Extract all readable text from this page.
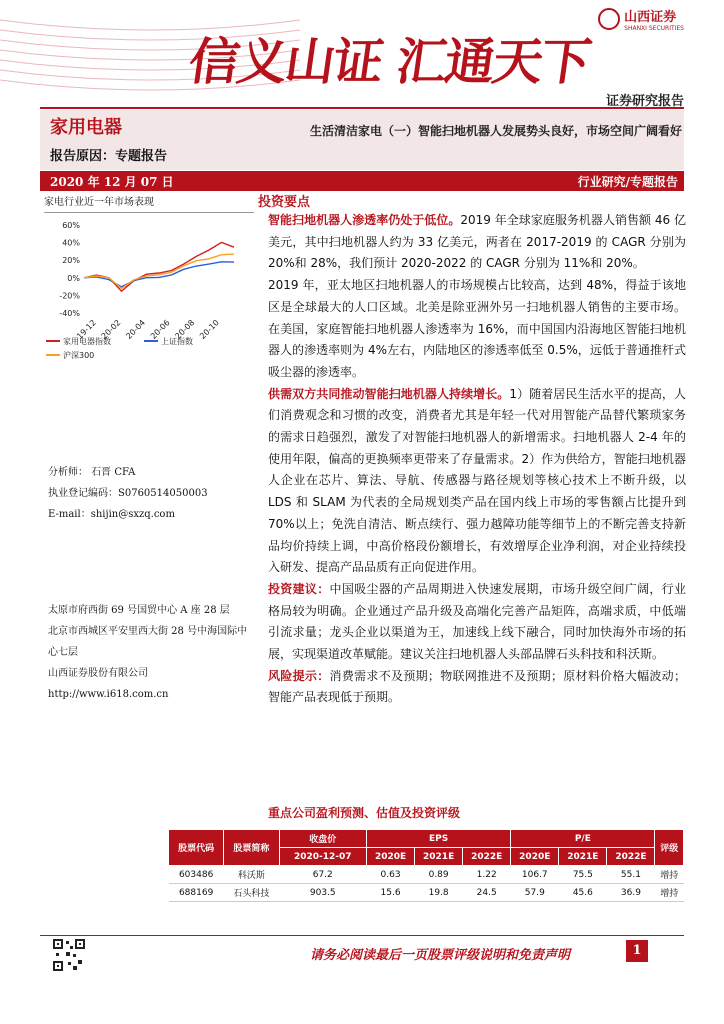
信义山证 汇通天下
山西证券
SHANXI SECURITIES
证券研究报告
家用电器
报告原因：专题报告
生活清洁家电（一）智能扫地机器人发展势头良好，市场空间广阔看好
2020 年 12 月 07 日	行业研究/专题报告
家电行业近一年市场表现
60%
40%
20%
0%
-20%
-40%
19-12 20-02 20-04 20-06 20-08 20-10
家用电器指数	上证指数
沪深300
分析师： 石晋 CFA
执业登记编码：S0760514050003
E-mail：shijin@sxzq.com
太原市府西街 69 号国贸中心 A 座 28 层
北京市西城区平安里西大街 28 号中海国际中心七层
山西证券股份有限公司
http://www.i618.com.cn
投资要点

智能扫地机器人渗透率仍处于低位。2019 年全球家庭服务机器人销售额 46 亿美元，其中扫地机器人约为 33 亿美元，两者在 2017-2019 的 CAGR 分别为 20%和 28%，我们预计 2020-2022 的 CAGR 分别为 11%和 20%。

2019 年，亚太地区扫地机器人的市场规模占比较高，达到 48%，得益于该地区是全球最大的人口区域。北美是除亚洲外另一扫地机器人销售的主要市场。在美国，家庭智能扫地机器人渗透率为 16%，而中国国内沿海地区智能扫地机器人的渗透率则为 4%左右，内陆地区的渗透率低至 0.5%，远低于普通推杆式吸尘器的渗透率。

供需双方共同推动智能扫地机器人持续增长。1）随着居民生活水平的提高，人们消费观念和习惯的改变，消费者尤其是年轻一代对用智能产品替代繁琐家务的需求日趋强烈，激发了对智能扫地机器人的新增需求。扫地机器人 2-4 年的使用年限，偏高的更换频率更带来了存量需求。2）作为供给方，智能扫地机器人企业在芯片、算法、导航、传感器与路径规划等核心技术上不断升级，以 LDS 和 SLAM 为代表的全局规划类产品在国内线上市场的零售额占比提升到 70%以上；免洗自清洁、断点续行、强力越障功能等细节上的不断完善支持新品均价持续上调，中高价格段份额增长，有效增厚企业净利润，对企业持续投入研发、提高产品品质有正向促进作用。

投资建议：中国吸尘器的产品周期进入快速发展期，市场升级空间广阔，行业格局较为明确。企业通过产品升级及高端化完善产品矩阵，高端求质，中低端引流求量；龙头企业以渠道为王，加速线上线下融合，同时加快海外市场的拓展，实现渠道改革赋能。建议关注扫地机器人头部品牌石头科技和科沃斯。

风险提示：消费需求不及预期；物联网推进不及预期；原材料价格大幅波动；智能产品表现低于预期。

重点公司盈利预测、估值及投资评级
股票代码	股票简称	收盘价	EPS			P/E			评级
		2020-12-07	2020E	2021E	2022E	2020E	2021E	2022E	
603486	科沃斯	67.2	0.63	0.89	1.22	106.7	75.5	55.1	增持
688169	石头科技	903.5	15.6	19.8	24.5	57.9	45.6	36.9	增持
请务必阅读最后一页股票评级说明和免责声明	1
